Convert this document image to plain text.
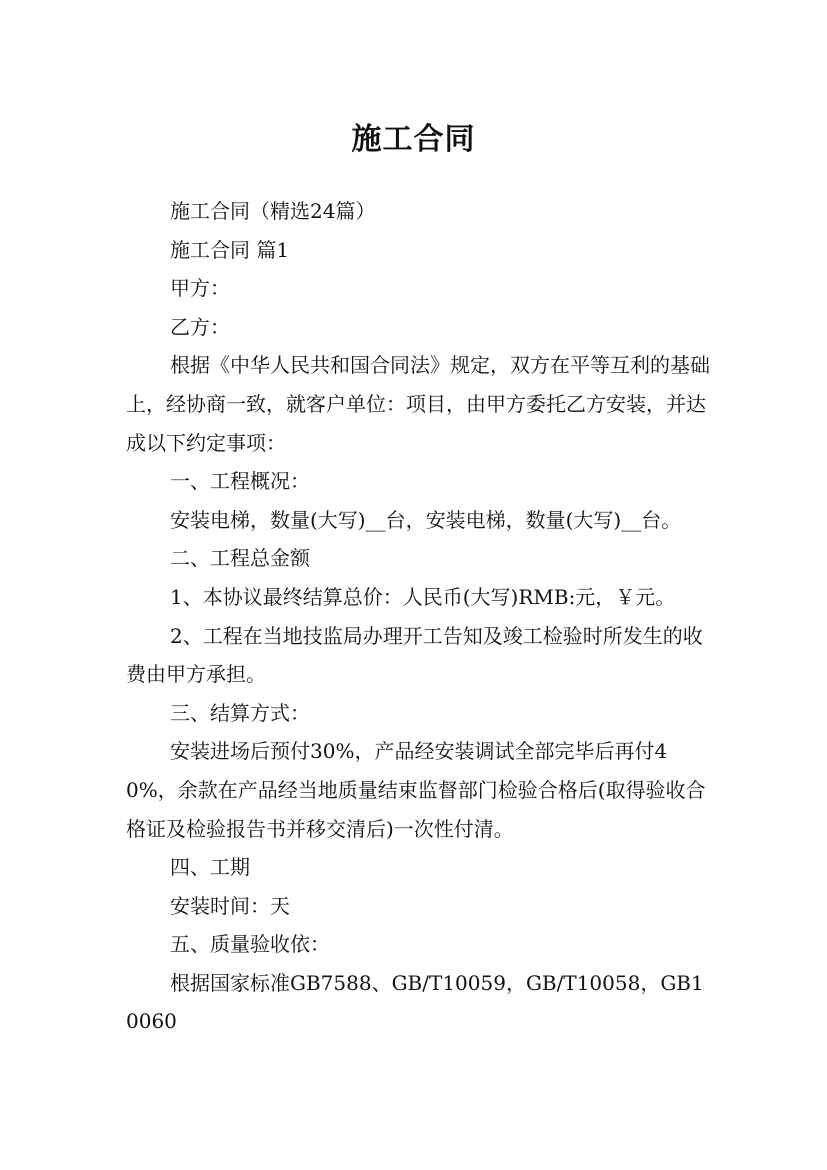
施工合同

施工合同（精选24篇）

施工合同 篇1

甲方：

乙方：

根据《中华人民共和国合同法》规定，双方在平等互利的基础上，经协商一致，就客户单位：项目，由甲方委托乙方安装，并达成以下约定事项：

一、工程概况：

安装电梯，数量(大写)__台，安装电梯，数量(大写)__台。

二、工程总金额

1、本协议最终结算总价：人民币(大写)RMB:元，￥元。

2、工程在当地技监局办理开工告知及竣工检验时所发生的收费由甲方承担。

三、结算方式：

安装进场后预付30%，产品经安装调试全部完毕后再付40%，余款在产品经当地质量结束监督部门检验合格后(取得验收合格证及检验报告书并移交清后)一次性付清。

四、工期

安装时间：天

五、质量验收依：

根据国家标准GB7588、GB/T10059，GB/T10058，GB10060
